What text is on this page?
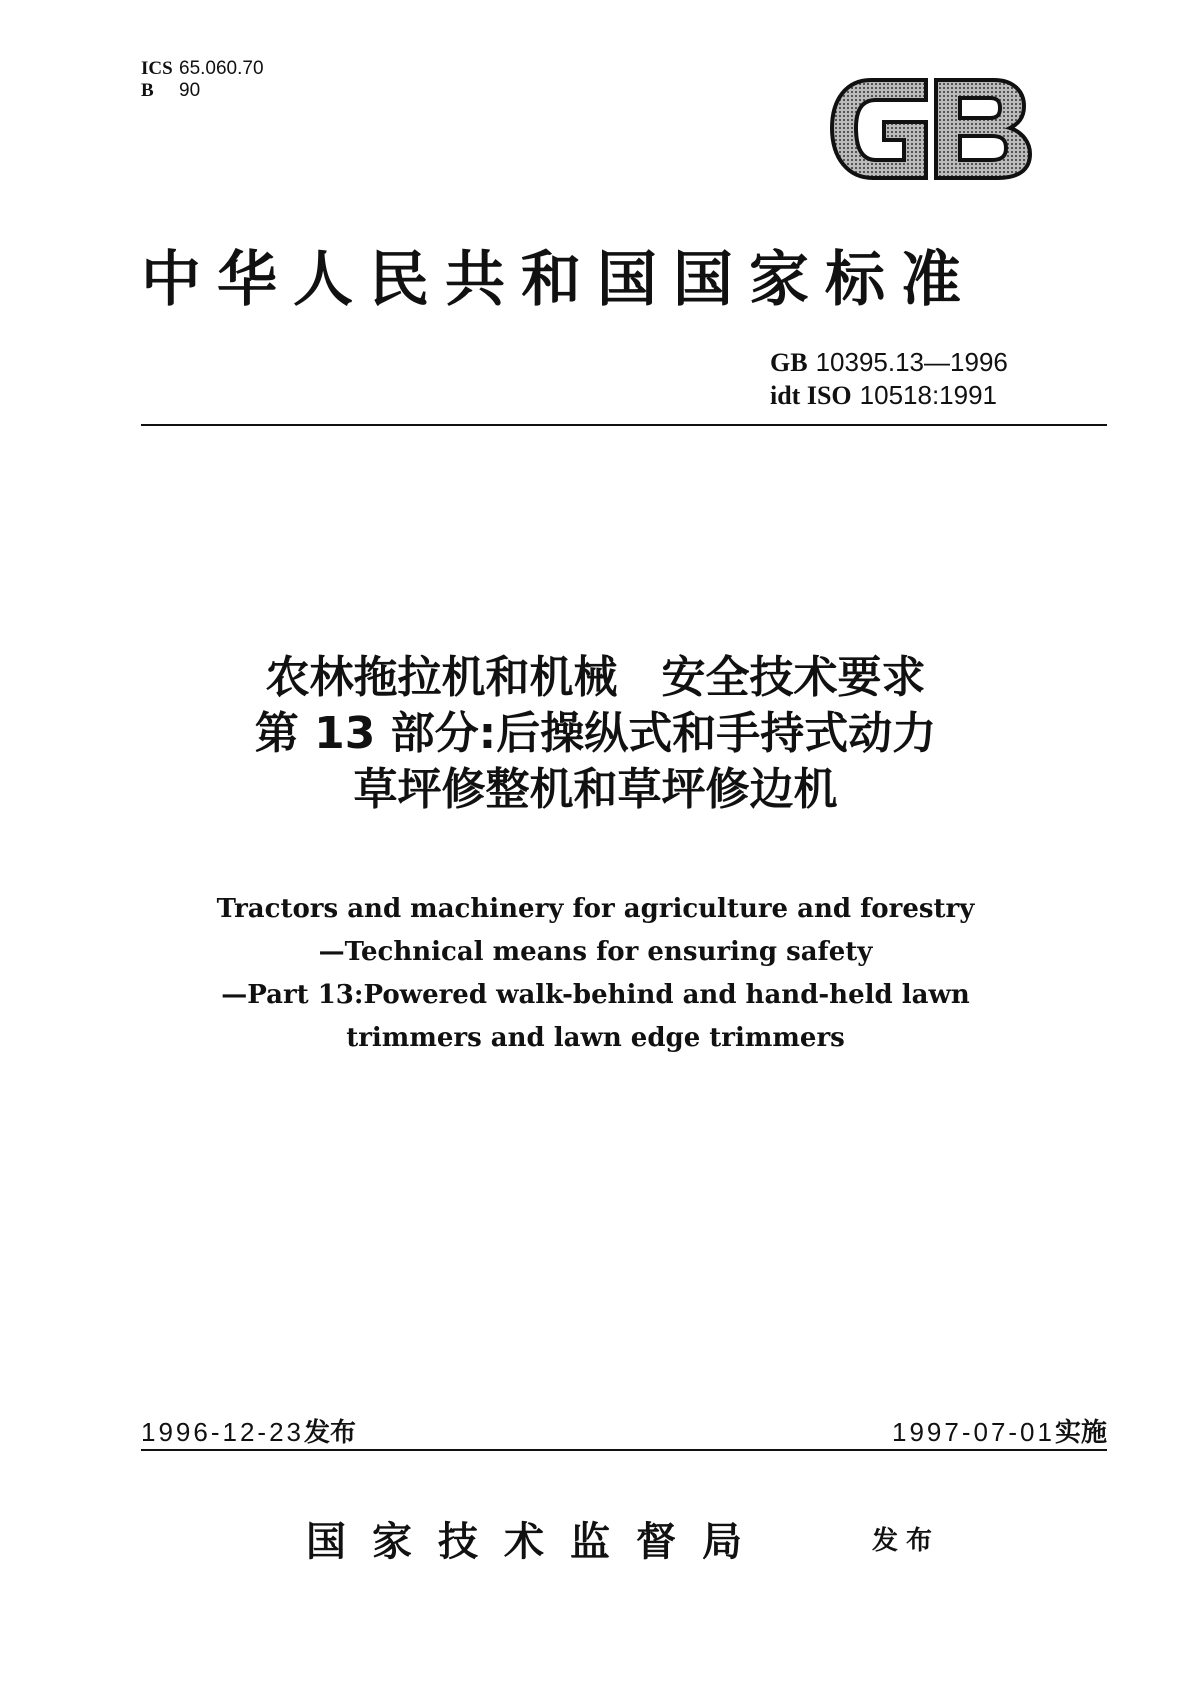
ICS 65.060.70
B 90
中华人民共和国国家标准
GB 10395.13—1996
idt ISO 10518:1991
农林拖拉机和机械　安全技术要求
第 13 部分:后操纵式和手持式动力
草坪修整机和草坪修边机
Tractors and machinery for agriculture and forestry
—Technical means for ensuring safety
—Part 13:Powered walk-behind and hand-held lawn
trimmers and lawn edge trimmers
1996-12-23发布	1997-07-01实施
国家技术监督局	发布
